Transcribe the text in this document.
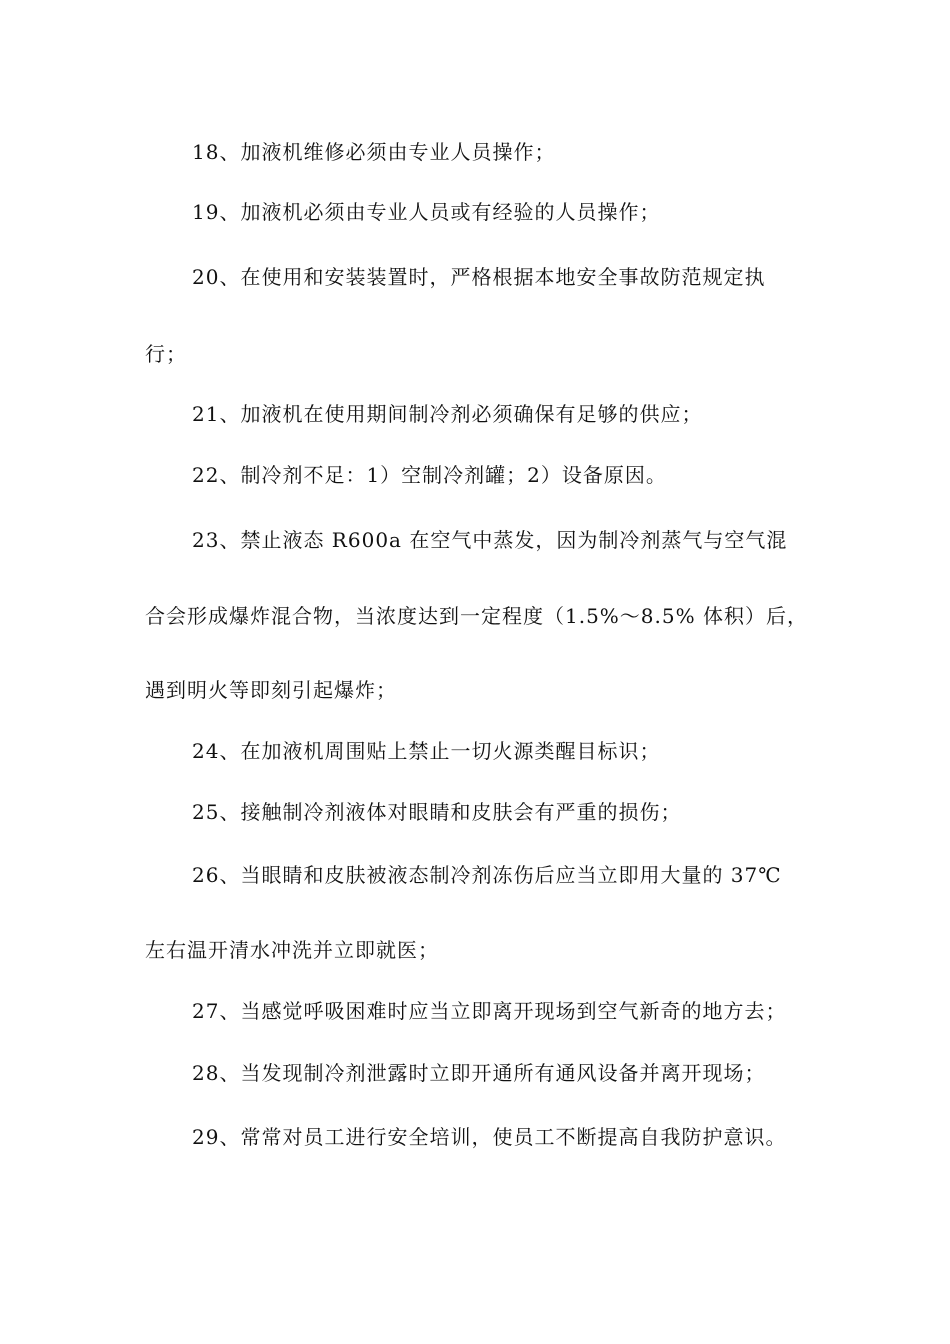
18、加液机维修必须由专业人员操作；
19、加液机必须由专业人员或有经验的人员操作；
20、在使用和安装装置时，严格根据本地安全事故防范规定执
行；
21、加液机在使用期间制冷剂必须确保有足够的供应；
22、制冷剂不足：1）空制冷剂罐；2）设备原因。
23、禁止液态 R600a 在空气中蒸发，因为制冷剂蒸气与空气混
合会形成爆炸混合物，当浓度达到一定程度（1.5%～8.5% 体积）后，
遇到明火等即刻引起爆炸；
24、在加液机周围贴上禁止一切火源类醒目标识；
25、接触制冷剂液体对眼睛和皮肤会有严重的损伤；
26、当眼睛和皮肤被液态制冷剂冻伤后应当立即用大量的 37℃
左右温开清水冲洗并立即就医；
27、当感觉呼吸困难时应当立即离开现场到空气新奇的地方去；
28、当发现制冷剂泄露时立即开通所有通风设备并离开现场；
29、常常对员工进行安全培训，使员工不断提高自我防护意识。
